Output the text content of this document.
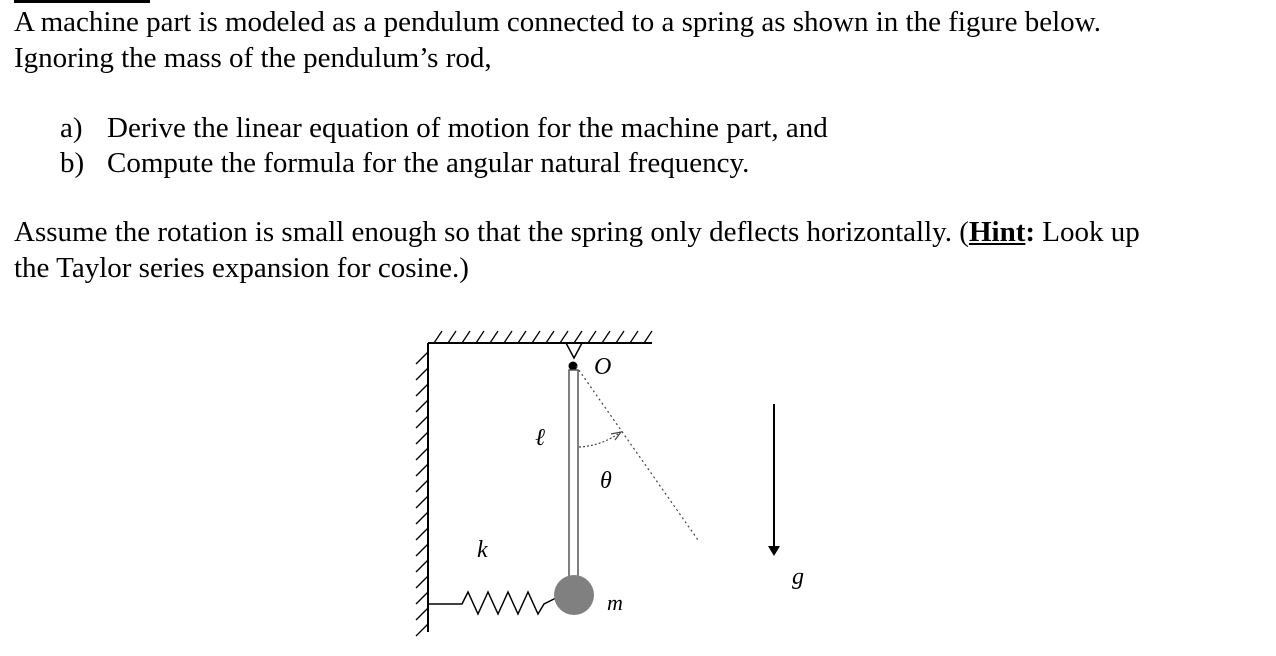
A machine part is modeled as a pendulum connected to a spring as shown in the figure below.
Ignoring the mass of the pendulum’s rod,
a) Derive the linear equation of motion for the machine part, and
b) Compute the formula for the angular natural frequency.
Assume the rotation is small enough so that the spring only deflects horizontally. (Hint: Look up
the Taylor series expansion for cosine.)
O
ℓ
θ
k
m
g
